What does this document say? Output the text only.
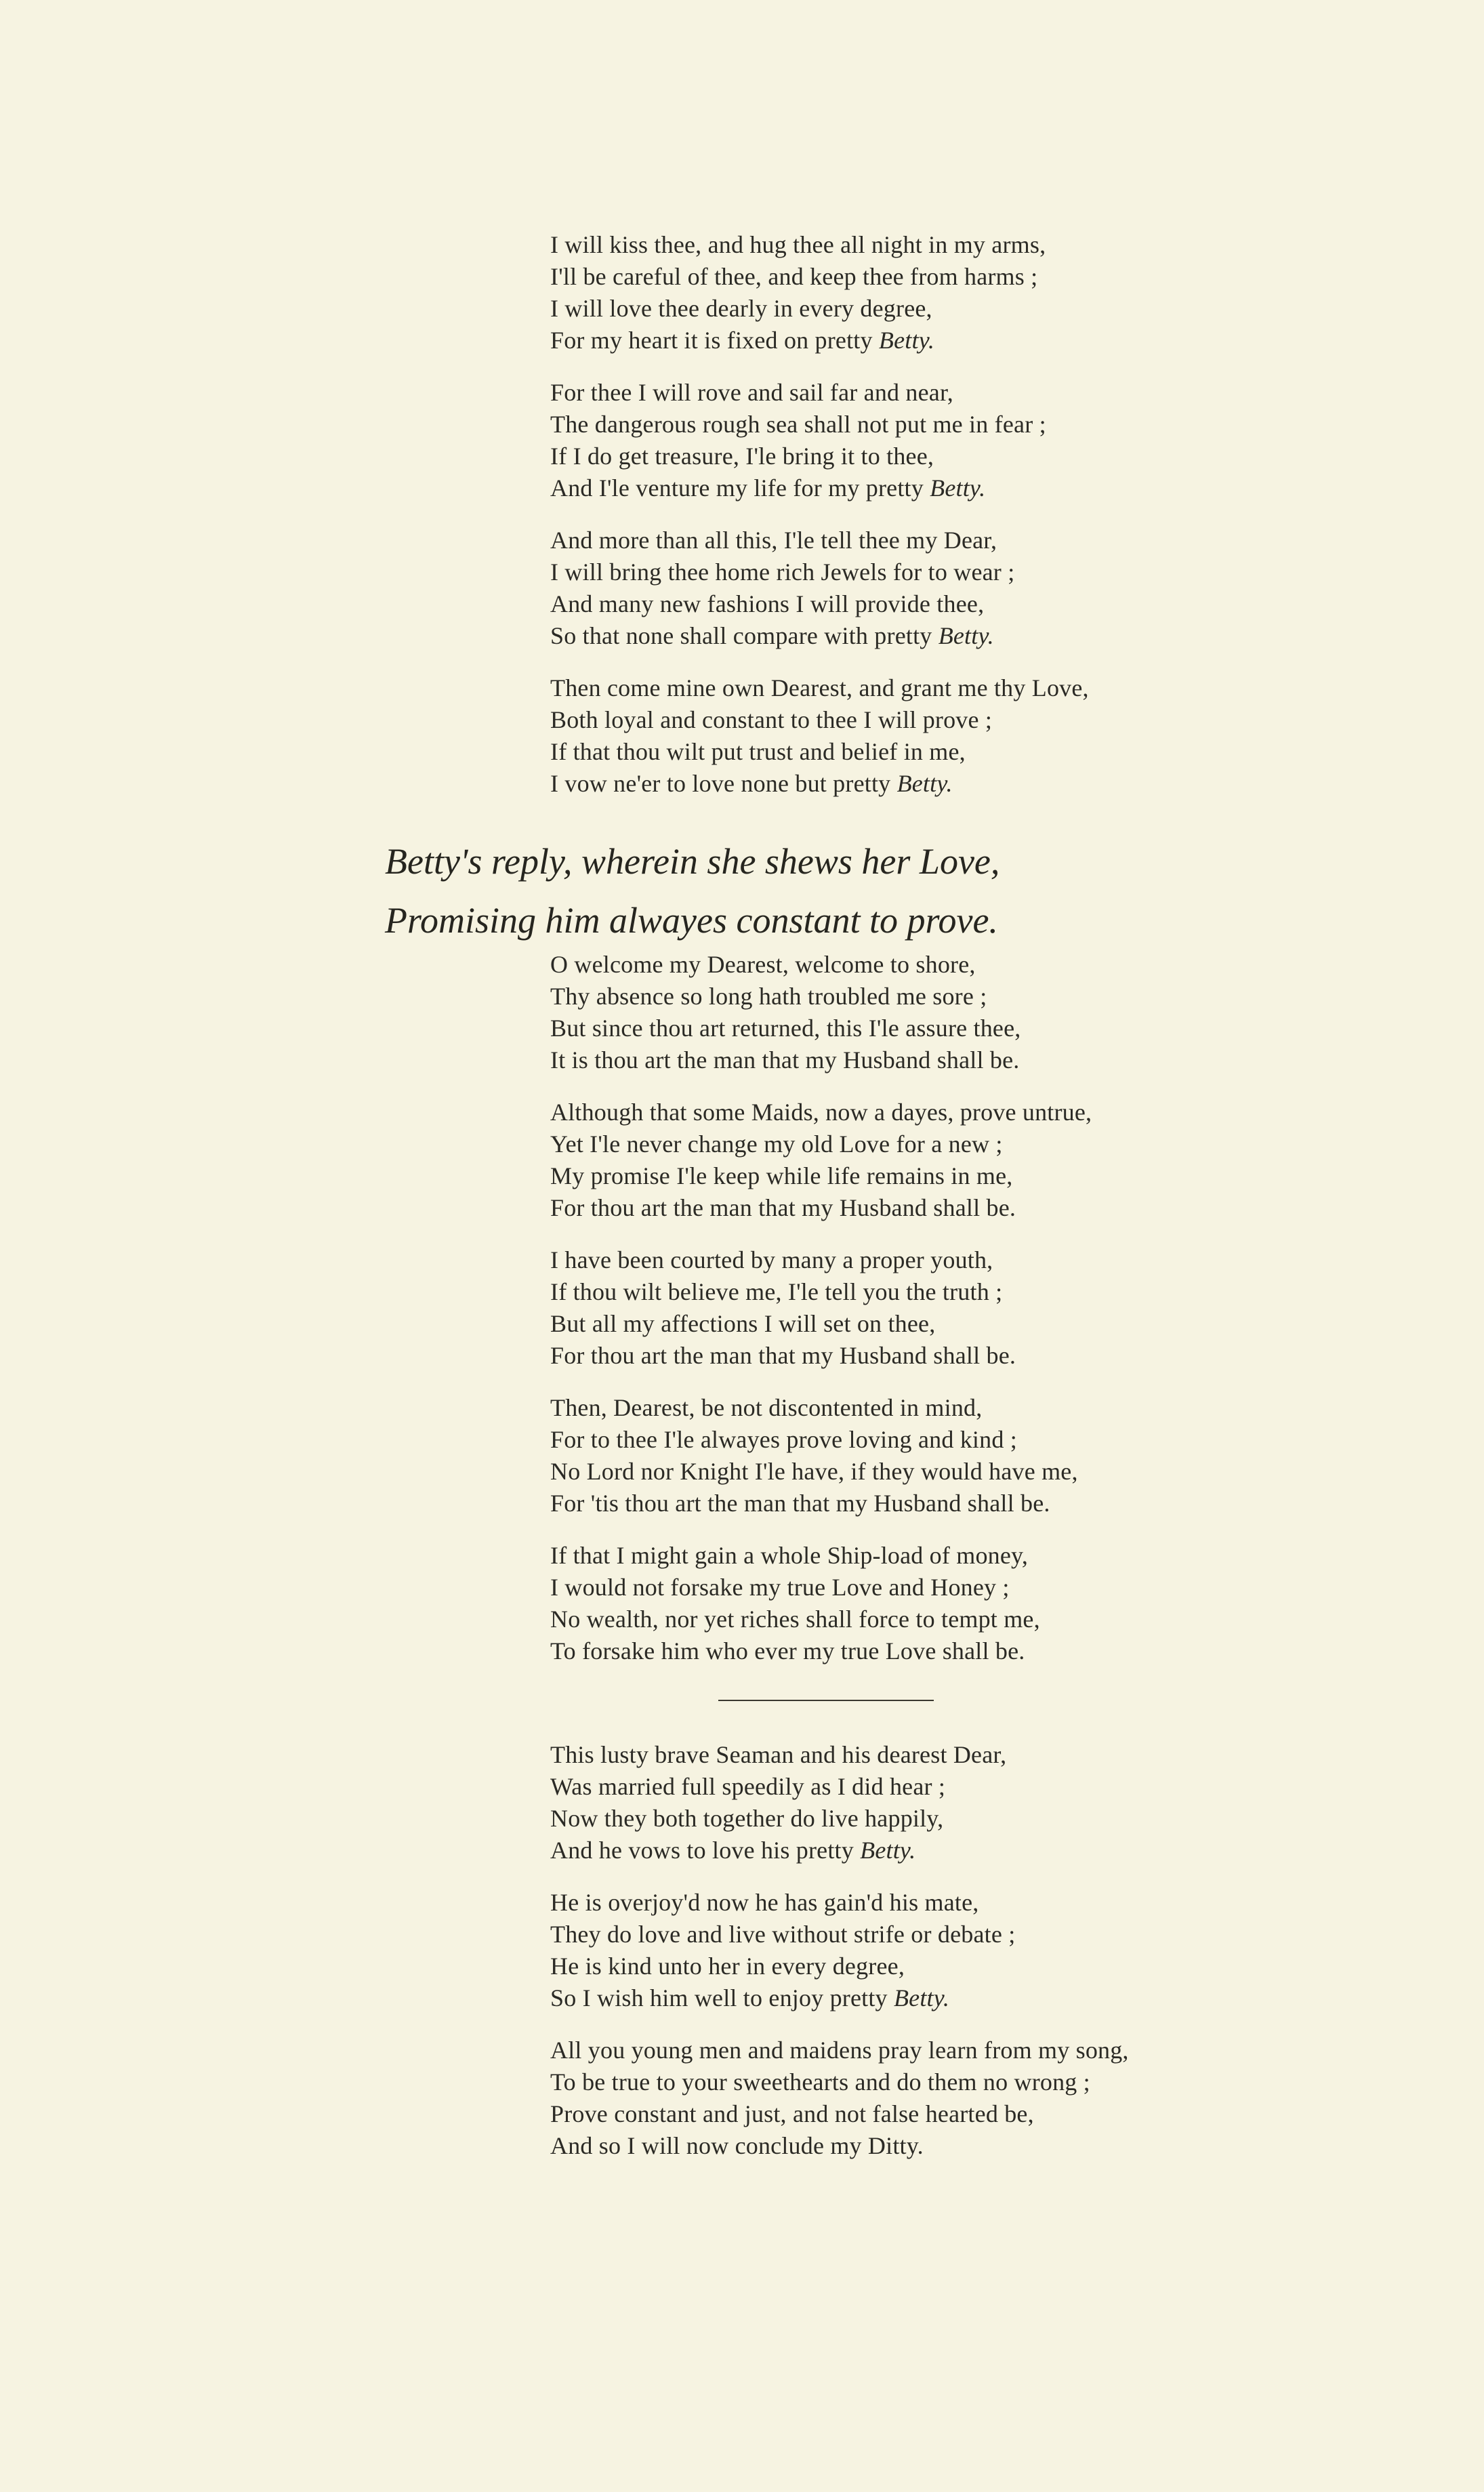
I will kiss thee, and hug thee all night in my arms,
I'll be careful of thee, and keep thee from harms ;
I will love thee dearly in every degree,
For my heart it is fixed on pretty Betty.
For thee I will rove and sail far and near,
The dangerous rough sea shall not put me in fear ;
If I do get treasure, I'le bring it to thee,
And I'le venture my life for my pretty Betty.
And more than all this, I'le tell thee my Dear,
I will bring thee home rich Jewels for to wear ;
And many new fashions I will provide thee,
So that none shall compare with pretty Betty.
Then come mine own Dearest, and grant me thy Love,
Both loyal and constant to thee I will prove ;
If that thou wilt put trust and belief in me,
I vow ne'er to love none but pretty Betty.
Betty's reply, wherein she shews her Love,
Promising him alwayes constant to prove.
O welcome my Dearest, welcome to shore,
Thy absence so long hath troubled me sore ;
But since thou art returned, this I'le assure thee,
It is thou art the man that my Husband shall be.
Although that some Maids, now a dayes, prove untrue,
Yet I'le never change my old Love for a new ;
My promise I'le keep while life remains in me,
For thou art the man that my Husband shall be.
I have been courted by many a proper youth,
If thou wilt believe me, I'le tell you the truth ;
But all my affections I will set on thee,
For thou art the man that my Husband shall be.
Then, Dearest, be not discontented in mind,
For to thee I'le alwayes prove loving and kind ;
No Lord nor Knight I'le have, if they would have me,
For 'tis thou art the man that my Husband shall be.
If that I might gain a whole Ship-load of money,
I would not forsake my true Love and Honey ;
No wealth, nor yet riches shall force to tempt me,
To forsake him who ever my true Love shall be.
This lusty brave Seaman and his dearest Dear,
Was married full speedily as I did hear ;
Now they both together do live happily,
And he vows to love his pretty Betty.
He is overjoy'd now he has gain'd his mate,
They do love and live without strife or debate ;
He is kind unto her in every degree,
So I wish him well to enjoy pretty Betty.
All you young men and maidens pray learn from my song,
To be true to your sweethearts and do them no wrong ;
Prove constant and just, and not false hearted be,
And so I will now conclude my Ditty.
